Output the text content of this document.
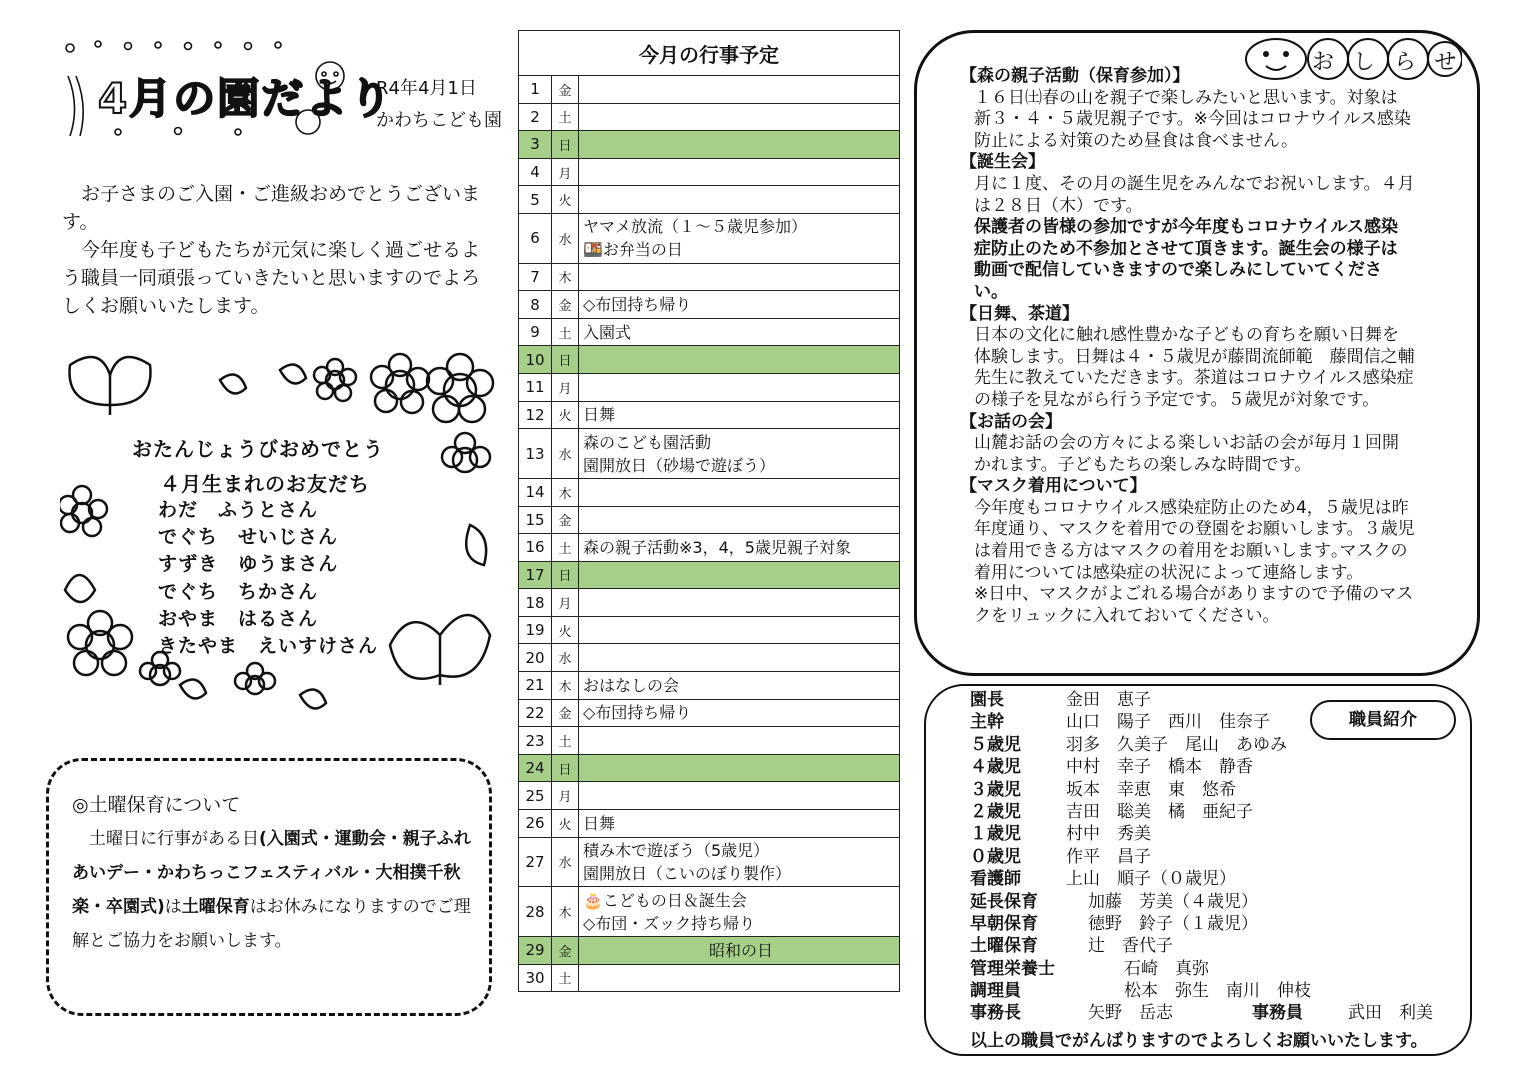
4月の園だより
R4年4月1日
かわちこども園

お子さまのご入園・ご進級おめでとうございます。

今年度も子どもたちが元気に楽しく過ごせるよう職員一同頑張っていきたいと思いますのでよろしくお願いいたします。

おたんじょうびおめでとう
４月生まれのお友だち
わだ　ふうとさん
でぐち　せいじさん
すずき　ゆうまさん
でぐち　ちかさん
おやま　はるさん
きたやま　えいすけさん
◎土曜保育について
土曜日に行事がある日(入園式・運動会・親子ふれあいデー・かわちっこフェスティバル・大相撲千秋楽・卒園式)は土曜保育はお休みになりますのでご理解とご協力をお願いします。
今月の行事予定		
1	金	

2	土	

3	日	

4	月	

5	火	

6	水	ヤマメ放流（１～５歳児参加）
🍱お弁当の日

7	木	

8	金	◇布団持ち帰り

9	土	入園式

10	日	

11	月	

12	火	日舞

13	水	森のこども園活動
園開放日（砂場で遊ぼう）

14	木	

15	金	

16	土	森の親子活動※3，4，5歳児親子対象

17	日	

18	月	

19	火	

20	水	

21	木	おはなしの会

22	金	◇布団持ち帰り

23	土	

24	日	

25	月	

26	火	日舞

27	水	積み木で遊ぼう（5歳児）
園開放日（こいのぼり製作）

28	木	🎂こどもの日＆誕生会
◇布団・ズック持ち帰り

29	金	昭和の日

30	土	
おしらせ
【森の親子活動（保育参加）】
１６日㈯春の山を親子で楽しみたいと思います。対象は
新３・４・５歳児親子です。※今回はコロナウイルス感染
防止による対策のため昼食は食べません。
【誕生会】
月に１度、その月の誕生児をみんなでお祝いします。４月
は２８日（木）です。
保護者の皆様の参加ですが今年度もコロナウイルス感染
症防止のため不参加とさせて頂きます。誕生会の様子は
動画で配信していきますので楽しみにしていてくださ
い。
【日舞、茶道】
日本の文化に触れ感性豊かな子どもの育ちを願い日舞を
体験します。日舞は４・５歳児が藤間流師範　藤間信之輔
先生に教えていただきます。茶道はコロナウイルス感染症
の様子を見ながら行う予定です。５歳児が対象です。
【お話の会】
山麓お話の会の方々による楽しいお話の会が毎月１回開
かれます。子どもたちの楽しみな時間です。
【マスク着用について】
今年度もコロナウイルス感染症防止のため4，５歳児は昨
年度通り、マスクを着用での登園をお願いします。３歳児
は着用できる方はマスクの着用をお願いします｡マスクの
着用については感染症の状況によって連絡します。
※日中、マスクがよごれる場合がありますので予備のマス
クをリュックに入れておいてください。
職員紹介
園長	金田　恵子
主幹	山口　陽子　西川　佳奈子
５歳児	羽多　久美子　尾山　あゆみ
４歳児	中村　幸子　橋本　静香
３歳児	坂本　幸恵　東　悠希
２歳児	吉田　聡美　橘　亜紀子
１歳児	村中　秀美
０歳児	作平　昌子
看護師	上山　順子（０歳児）
延長保育	加藤　芳美（４歳児）
早朝保育	徳野　鈴子（１歳児）
土曜保育	辻　香代子
管理栄養士	石崎　真弥
調理員	松本　弥生　南川　伸枝
事務長	矢野　岳志	事務員	武田　利美
以上の職員でがんばりますのでよろしくお願いいたします。
